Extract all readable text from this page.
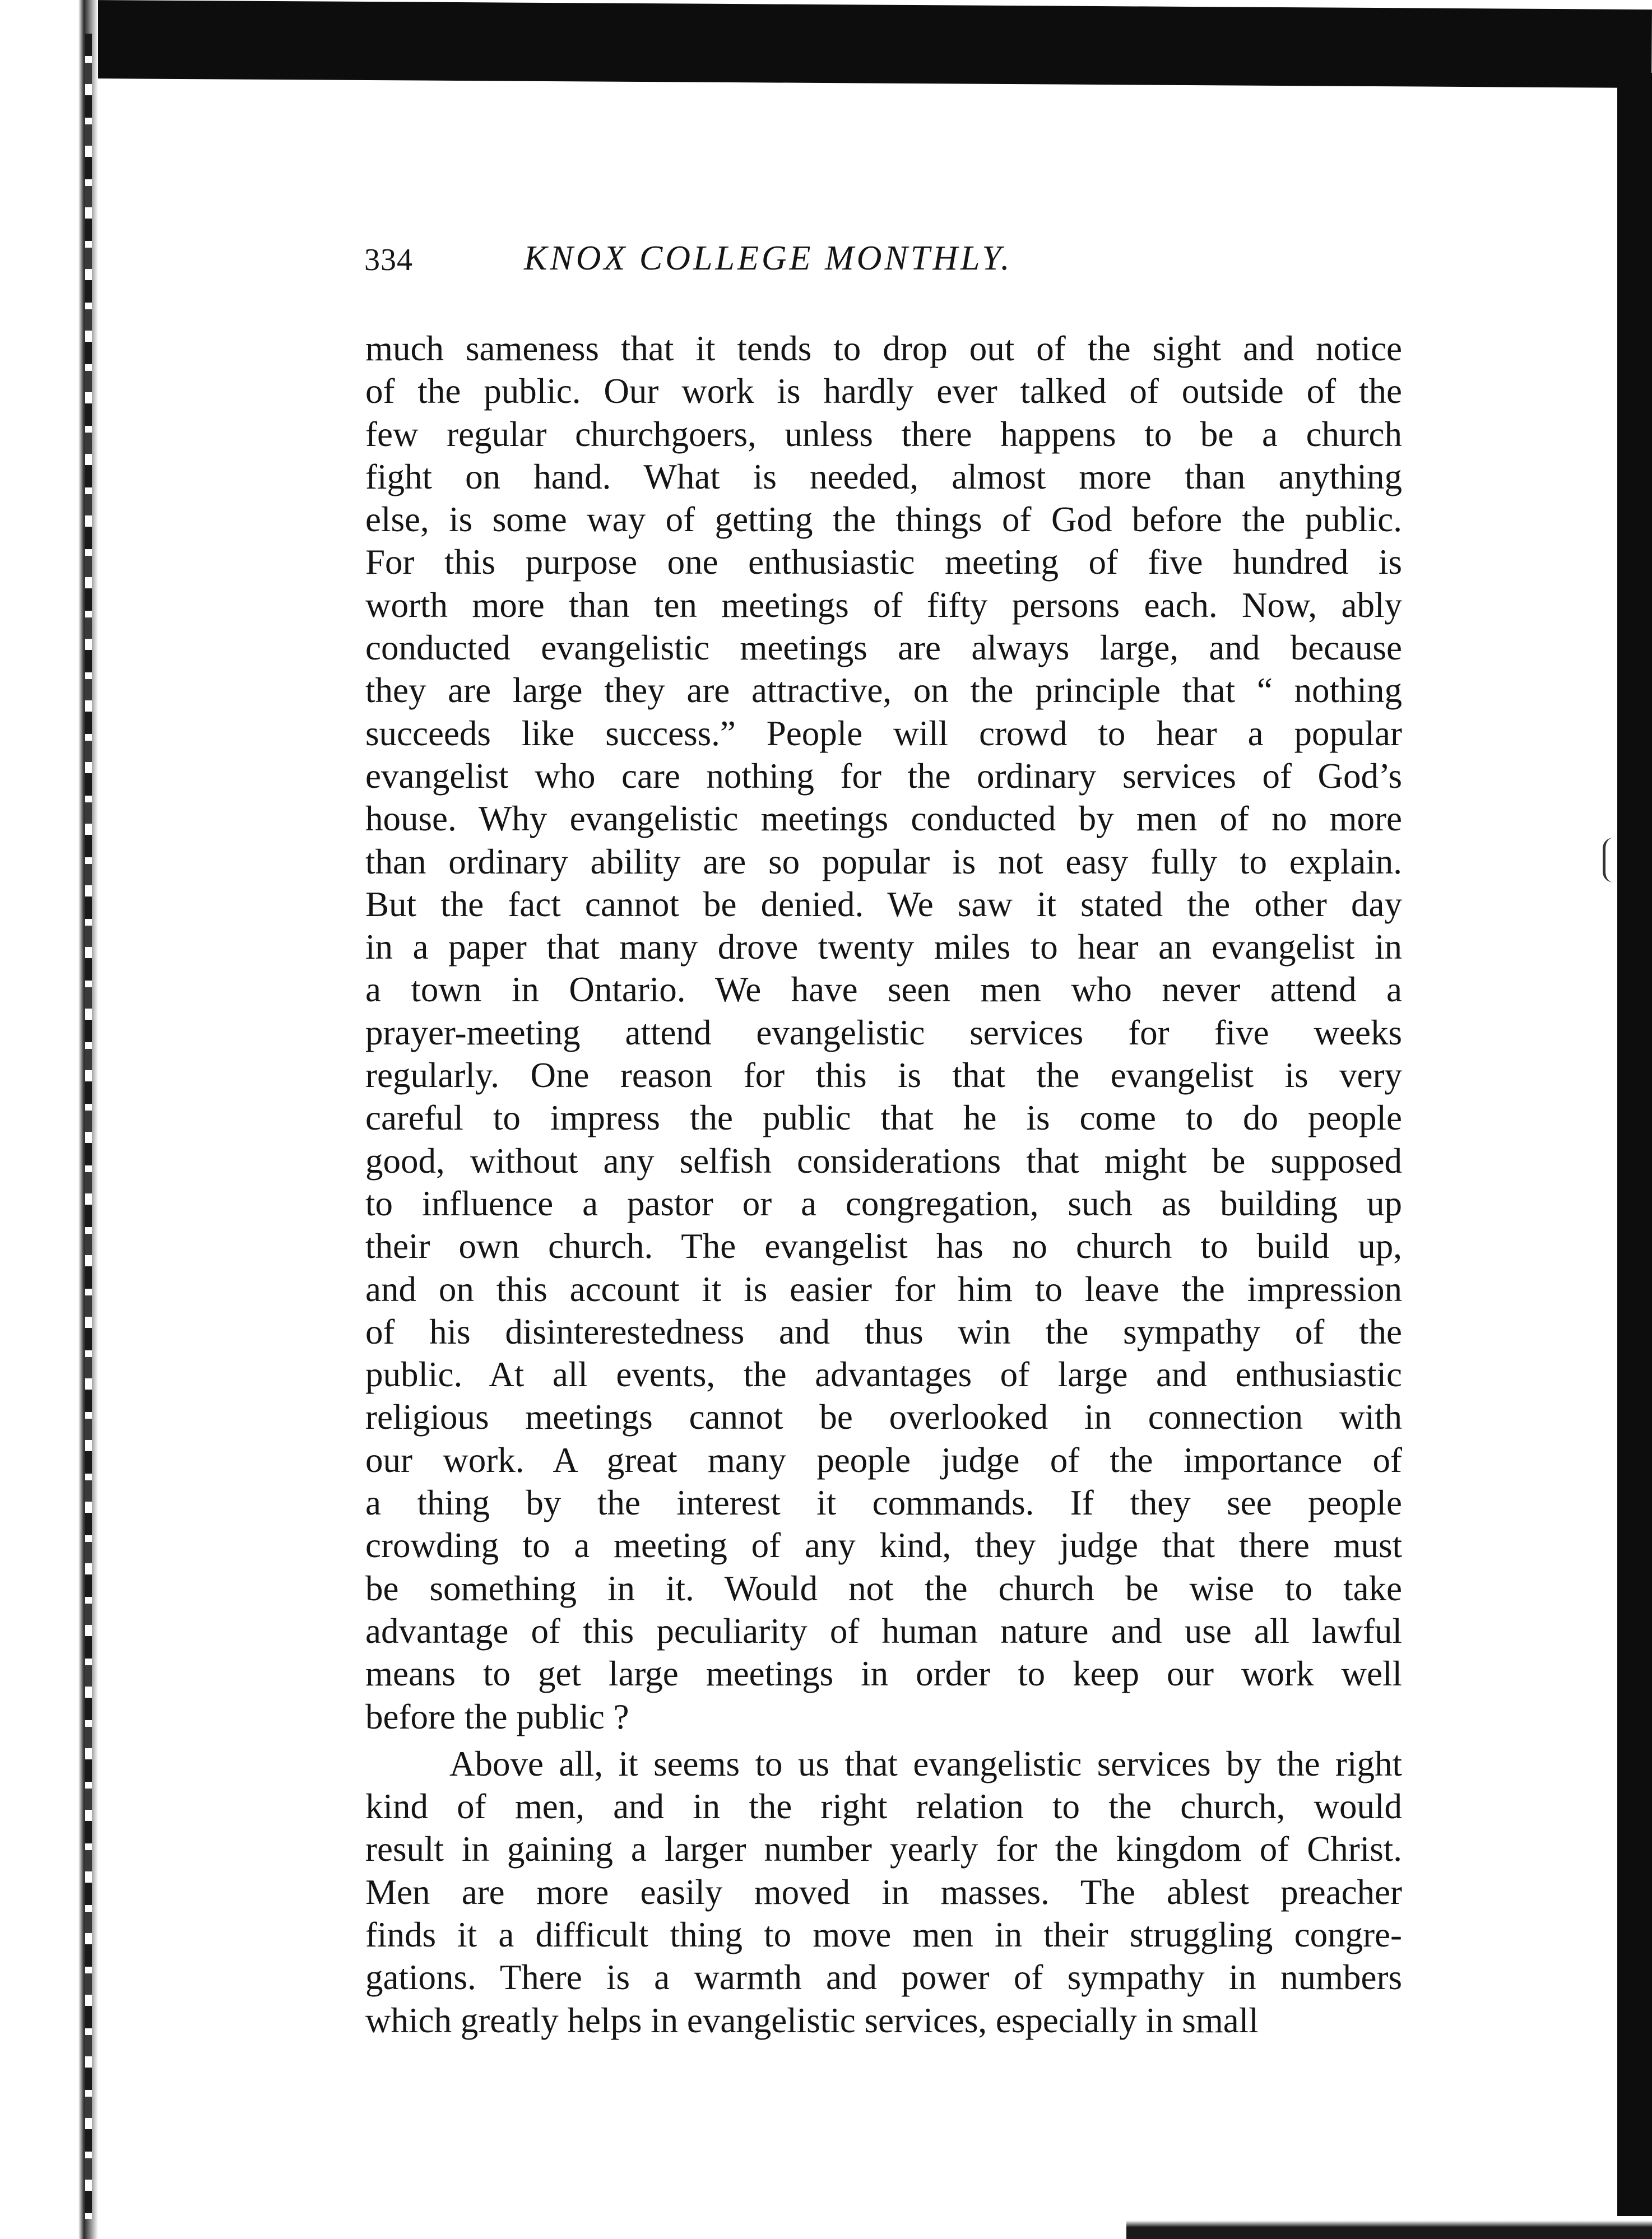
334	KNOX COLLEGE MONTHLY.
much sameness that it tends to drop out of the sight and notice
of the public. Our work is hardly ever talked of outside of the
few regular churchgoers, unless there happens to be a church
fight on hand. What is needed, almost more than anything
else, is some way of getting the things of God before the public.
For this purpose one enthusiastic meeting of five hundred is
worth more than ten meetings of fifty persons each. Now, ably
conducted evangelistic meetings are always large, and because
they are large they are attractive, on the principle that “ nothing
succeeds like success.” People will crowd to hear a popular
evangelist who care nothing for the ordinary services of God’s
house. Why evangelistic meetings conducted by men of no more
than ordinary ability are so popular is not easy fully to explain.
But the fact cannot be denied. We saw it stated the other day
in a paper that many drove twenty miles to hear an evangelist in
a town in Ontario. We have seen men who never attend a
prayer-meeting attend evangelistic services for five weeks
regularly. One reason for this is that the evangelist is very
careful to impress the public that he is come to do people
good, without any selfish considerations that might be supposed
to influence a pastor or a congregation, such as building up
their own church. The evangelist has no church to build up,
and on this account it is easier for him to leave the impression
of his disinterestedness and thus win the sympathy of the
public. At all events, the advantages of large and enthusiastic
religious meetings cannot be overlooked in connection with
our work. A great many people judge of the importance of
a thing by the interest it commands. If they see people
crowding to a meeting of any kind, they judge that there must
be something in it. Would not the church be wise to take
advantage of this peculiarity of human nature and use all lawful
means to get large meetings in order to keep our work well
before the public ?
Above all, it seems to us that evangelistic services by the right
kind of men, and in the right relation to the church, would
result in gaining a larger number yearly for the kingdom of Christ.
Men are more easily moved in masses. The ablest preacher
finds it a difficult thing to move men in their struggling congre-
gations. There is a warmth and power of sympathy in numbers
which greatly helps in evangelistic services, especially in small
